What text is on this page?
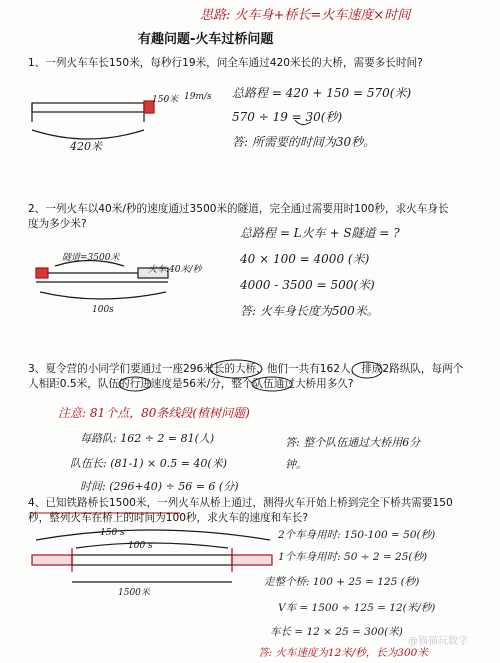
思路: 火车身+桥长=火车速度×时间
有趣问题-火车过桥问题
1、一列火车车长150米，每秒行19米，问全车通过420米长的大桥，需要多长时间?
150米 19m/s
420米
总路程 = 420 + 150 = 570(米)
570 ÷ 19 = 30(秒)
答: 所需要的时间为30秒。
2、一列火车以40米/秒的速度通过3500米的隧道，完全通过需要用时100秒，求火车身长度为多少米?
隧道=3500米
火车:40米/秒
100s
总路程 = L火车 + S隧道 = ?
40 × 100 = 4000 (米)
4000 - 3500 = 500(米)
答: 火车身长度为500米。
3、夏令营的小同学们要通过一座296米长的大桥，他们一共有162人，排成2路纵队，每两个人相距0.5米，队伍的行进速度是56米/分，整个队伍通过大桥用多久?
注意: 81个点，80条线段(植树问题)
每路队: 162 ÷ 2 = 81(人)
队伍长: (81-1) × 0.5 = 40(米)
时间: (296+40) ÷ 56 = 6 (分)
答: 整个队伍通过大桥用6分钟。
4、已知铁路桥长1500米，一列火车从桥上通过，测得火车开始上桥到完全下桥共需要150秒，整列火车在桥上的时间为100秒，求火车的速度和车长?
150 s
100 s
1500米
2个车身用时: 150-100 = 50(秒)
1个车身用时: 50 ÷ 2 = 25(秒)
走整个桥: 100 + 25 = 125 (秒)
V车 = 1500 ÷ 125 = 12(米/秒)
车长 = 12 × 25 = 300(米)
答: 火车速度为12米/秒，长为300米
@猫猫玩数学
